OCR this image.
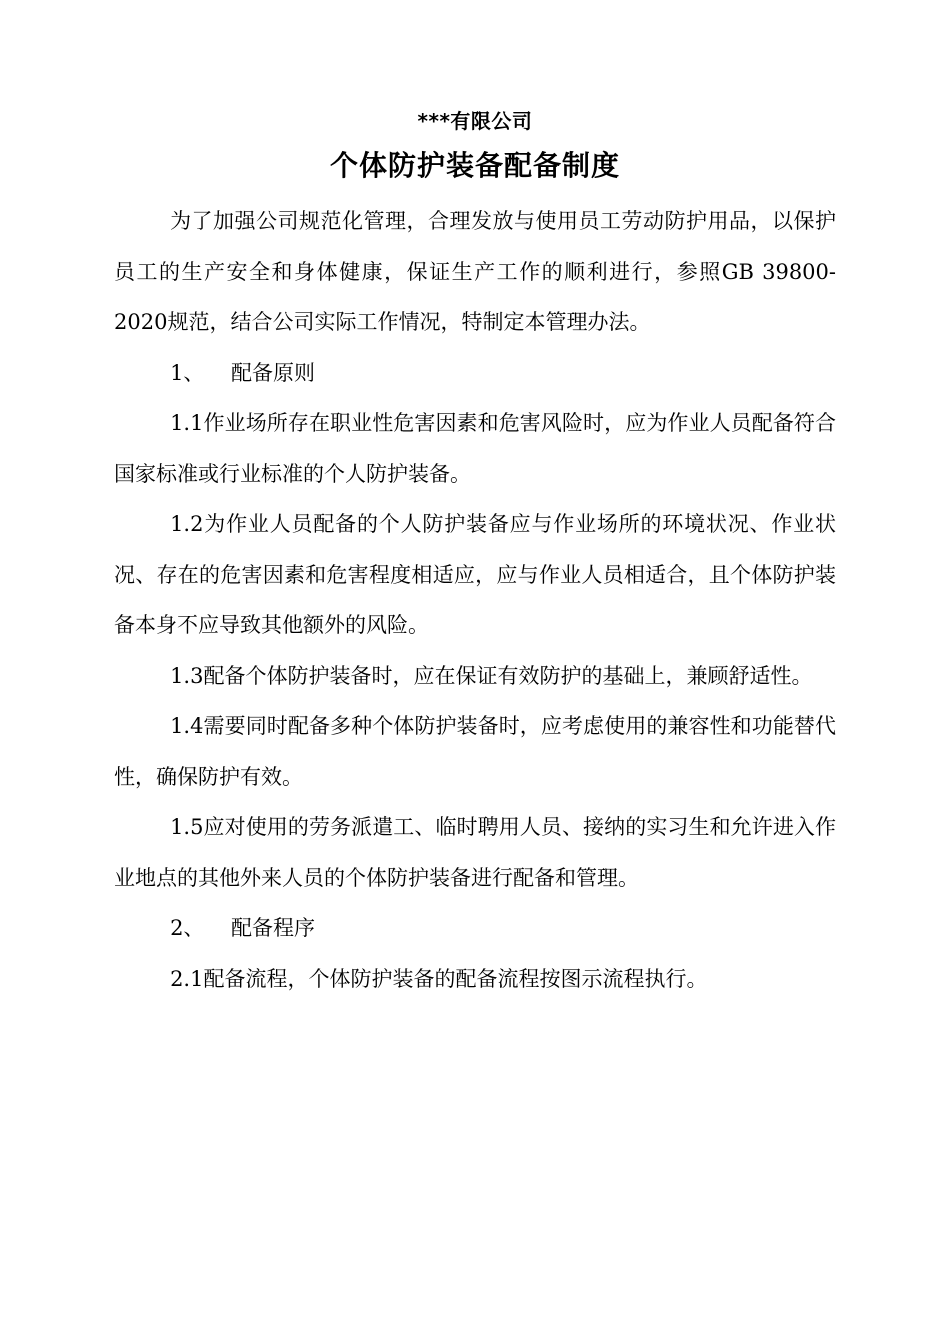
***有限公司
个体防护装备配备制度

为了加强公司规范化管理，合理发放与使用员工劳动防护用品，以保护员工的生产安全和身体健康，保证生产工作的顺利进行，参照GB 39800-2020规范，结合公司实际工作情况，特制定本管理办法。

1、 配备原则

1.1作业场所存在职业性危害因素和危害风险时，应为作业人员配备符合国家标准或行业标准的个人防护装备。

1.2为作业人员配备的个人防护装备应与作业场所的环境状况、作业状况、存在的危害因素和危害程度相适应，应与作业人员相适合，且个体防护装备本身不应导致其他额外的风险。

1.3配备个体防护装备时，应在保证有效防护的基础上，兼顾舒适性。

1.4需要同时配备多种个体防护装备时，应考虑使用的兼容性和功能替代性，确保防护有效。

1.5应对使用的劳务派遣工、临时聘用人员、接纳的实习生和允许进入作业地点的其他外来人员的个体防护装备进行配备和管理。

2、 配备程序

2.1配备流程，个体防护装备的配备流程按图示流程执行。
